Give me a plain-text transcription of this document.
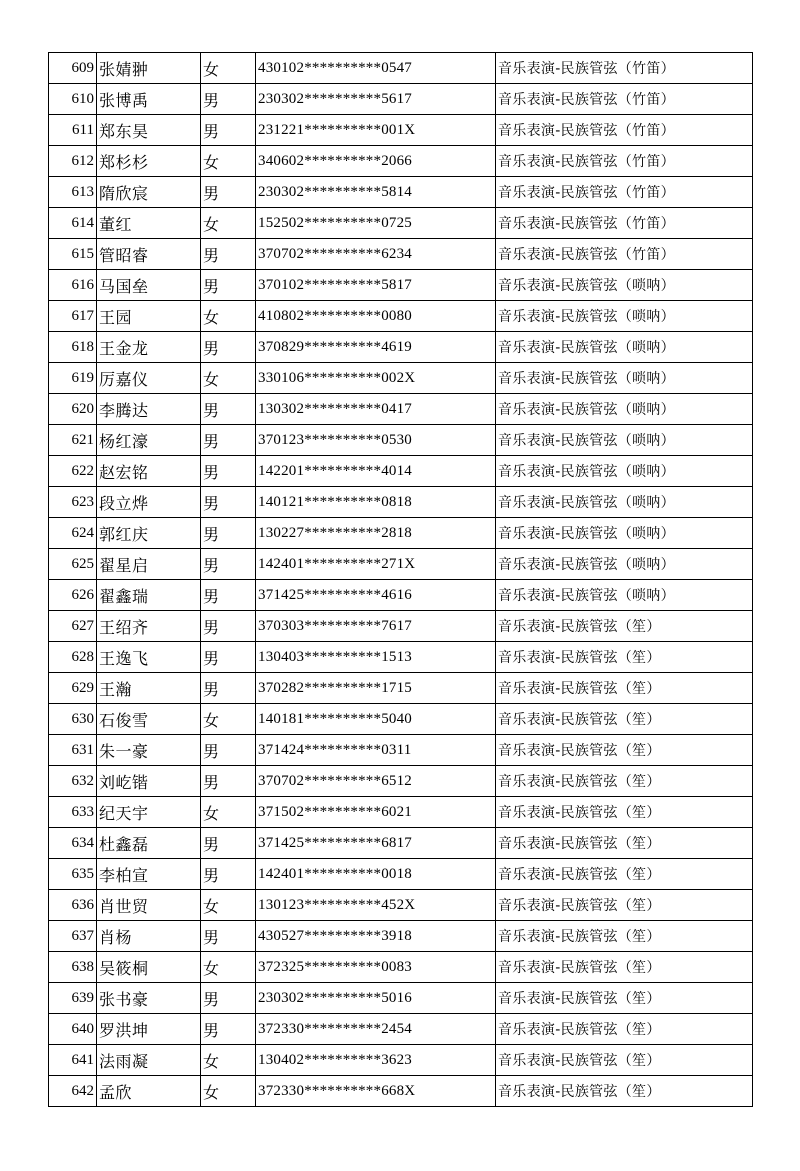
609	张婧翀	女	430102**********0547	音乐表演-民族管弦（竹笛）
610	张博禹	男	230302**********5617	音乐表演-民族管弦（竹笛）
611	郑东昊	男	231221**********001X	音乐表演-民族管弦（竹笛）
612	郑杉杉	女	340602**********2066	音乐表演-民族管弦（竹笛）
613	隋欣宸	男	230302**********5814	音乐表演-民族管弦（竹笛）
614	董红	女	152502**********0725	音乐表演-民族管弦（竹笛）
615	管昭睿	男	370702**********6234	音乐表演-民族管弦（竹笛）
616	马国垒	男	370102**********5817	音乐表演-民族管弦（唢呐）
617	王园	女	410802**********0080	音乐表演-民族管弦（唢呐）
618	王金龙	男	370829**********4619	音乐表演-民族管弦（唢呐）
619	厉嘉仪	女	330106**********002X	音乐表演-民族管弦（唢呐）
620	李腾达	男	130302**********0417	音乐表演-民族管弦（唢呐）
621	杨红濠	男	370123**********0530	音乐表演-民族管弦（唢呐）
622	赵宏铭	男	142201**********4014	音乐表演-民族管弦（唢呐）
623	段立烨	男	140121**********0818	音乐表演-民族管弦（唢呐）
624	郭红庆	男	130227**********2818	音乐表演-民族管弦（唢呐）
625	翟星启	男	142401**********271X	音乐表演-民族管弦（唢呐）
626	翟鑫瑞	男	371425**********4616	音乐表演-民族管弦（唢呐）
627	王绍齐	男	370303**********7617	音乐表演-民族管弦（笙）
628	王逸飞	男	130403**********1513	音乐表演-民族管弦（笙）
629	王瀚	男	370282**********1715	音乐表演-民族管弦（笙）
630	石俊雪	女	140181**********5040	音乐表演-民族管弦（笙）
631	朱一豪	男	371424**********0311	音乐表演-民族管弦（笙）
632	刘屹锴	男	370702**********6512	音乐表演-民族管弦（笙）
633	纪天宇	女	371502**********6021	音乐表演-民族管弦（笙）
634	杜鑫磊	男	371425**********6817	音乐表演-民族管弦（笙）
635	李柏宣	男	142401**********0018	音乐表演-民族管弦（笙）
636	肖世贸	女	130123**********452X	音乐表演-民族管弦（笙）
637	肖杨	男	430527**********3918	音乐表演-民族管弦（笙）
638	吴筱桐	女	372325**********0083	音乐表演-民族管弦（笙）
639	张书豪	男	230302**********5016	音乐表演-民族管弦（笙）
640	罗洪坤	男	372330**********2454	音乐表演-民族管弦（笙）
641	法雨凝	女	130402**********3623	音乐表演-民族管弦（笙）
642	孟欣	女	372330**********668X	音乐表演-民族管弦（笙）
